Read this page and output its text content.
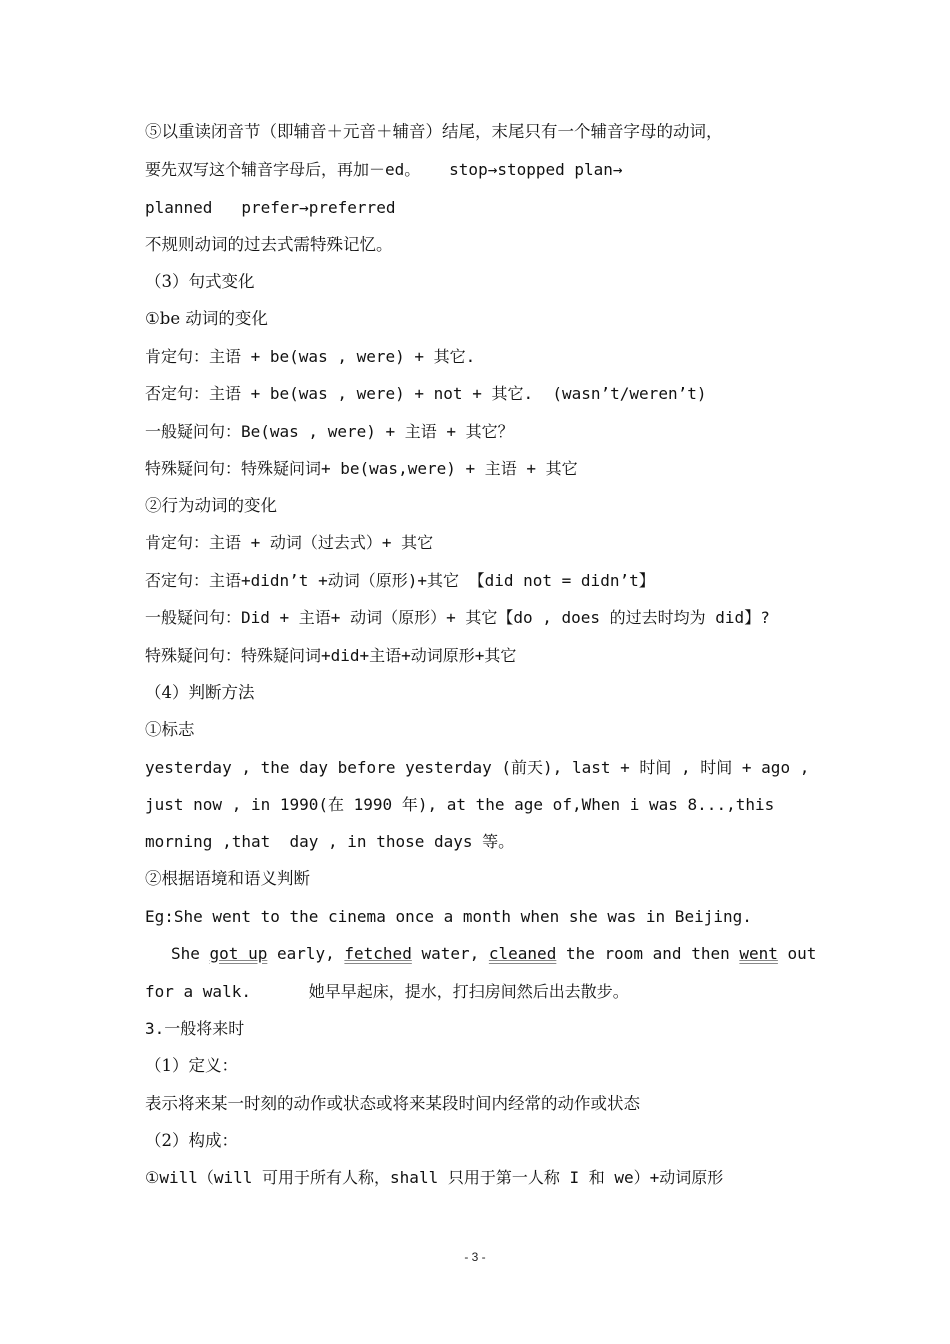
⑤以重读闭音节（即辅音＋元音＋辅音）结尾，末尾只有一个辅音字母的动词，
要先双写这个辅音字母后，再加－ed。   stop→stopped plan→
planned   prefer→preferred
不规则动词的过去式需特殊记忆。
（3）句式变化
①be 动词的变化
肯定句：主语 + be(was , were) + 其它.
否定句：主语 + be(was , were) + not + 其它.  (wasn’t/weren’t)
一般疑问句：Be(was , were) + 主语 + 其它？
特殊疑问句：特殊疑问词+ be(was,were) + 主语 + 其它
②行为动词的变化
肯定句：主语 + 动词（过去式）+ 其它
否定句：主语+didn’t +动词（原形)+其它 【did not = didn’t】
一般疑问句：Did + 主语+ 动词（原形）+ 其它【do , does 的过去时均为 did】?
特殊疑问句：特殊疑问词+did+主语+动词原形+其它
（4）判断方法
①标志
yesterday , the day before yesterday (前天), last + 时间 , 时间 + ago ,
just now , in 1990(在 1990 年), at the age of,When i was 8...,this
morning ,that  day , in those days 等。
②根据语境和语义判断
Eg:She went to the cinema once a month when she was in Beijing.
She got up early, fetched water, cleaned the room and then went out
for a walk.      她早早起床，提水，打扫房间然后出去散步。
3.一般将来时
（1）定义：
表示将来某一时刻的动作或状态或将来某段时间内经常的动作或状态
（2）构成：
①will（will 可用于所有人称，shall 只用于第一人称 I 和 we）+动词原形
- 3 -
